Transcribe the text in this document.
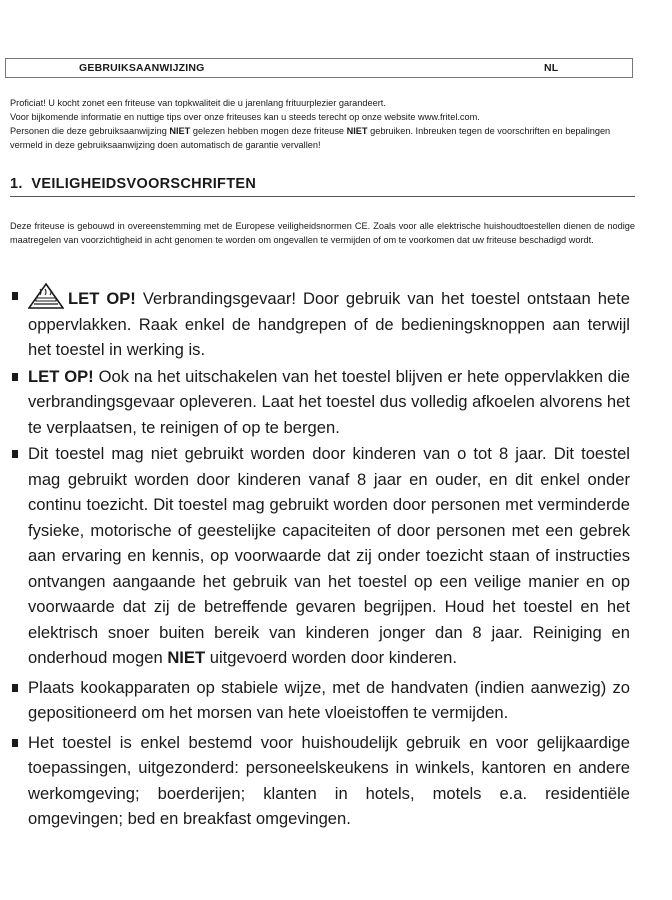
GEBRUIKSAANWIJZING	NL

Proficiat! U kocht zonet een friteuse van topkwaliteit die u jarenlang frituurplezier garandeert.

Voor bijkomende informatie en nuttige tips over onze friteuses kan u steeds terecht op onze website www.fritel.com.

Personen die deze gebruiksaanwijzing NIET gelezen hebben mogen deze friteuse NIET gebruiken. Inbreuken tegen de voorschriften en bepalingen vermeld in deze gebruiksaanwijzing doen automatisch de garantie vervallen!

1. VEILIGHEIDSVOORSCHRIFTEN
Deze friteuse is gebouwd in overeenstemming met de Europese veiligheidsnormen CE. Zoals voor alle elektrische huishoudtoestellen dienen de nodige maatregelen van voorzichtigheid in acht genomen te worden om ongevallen te vermijden of om te voorkomen dat uw friteuse beschadigd wordt.
LET OP! Verbrandingsgevaar! Door gebruik van het toestel ontstaan hete oppervlakken. Raak enkel de handgrepen of de bedieningsknoppen aan terwijl het toestel in werking is.
LET OP! Ook na het uitschakelen van het toestel blijven er hete oppervlakken die verbrandingsgevaar opleveren. Laat het toestel dus volledig afkoelen alvorens het te verplaatsen, te reinigen of op te bergen.
Dit toestel mag niet gebruikt worden door kinderen van o tot 8 jaar. Dit toestel mag gebruikt worden door kinderen vanaf 8 jaar en ouder, en dit enkel onder continu toezicht. Dit toestel mag gebruikt worden door personen met verminderde fysieke, motorische of geestelijke capaciteiten of door personen met een gebrek aan ervaring en kennis, op voorwaarde dat zij onder toezicht staan of instructies ontvangen aangaande het gebruik van het toestel op een veilige manier en op voorwaarde dat zij de betreffende gevaren begrijpen. Houd het toestel en het elektrisch snoer buiten bereik van kinderen jonger dan 8 jaar. Reiniging en onderhoud mogen NIET uitgevoerd worden door kinderen.
Plaats kookapparaten op stabiele wijze, met de handvaten (indien aanwezig) zo gepositioneerd om het morsen van hete vloeistoffen te vermijden.
Het toestel is enkel bestemd voor huishoudelijk gebruik en voor gelijkaardige toepassingen, uitgezonderd: personeelskeukens in winkels, kantoren en andere werkomgeving; boerderijen; klanten in hotels, motels e.a. residentiële omgevingen; bed en breakfast omgevingen.
